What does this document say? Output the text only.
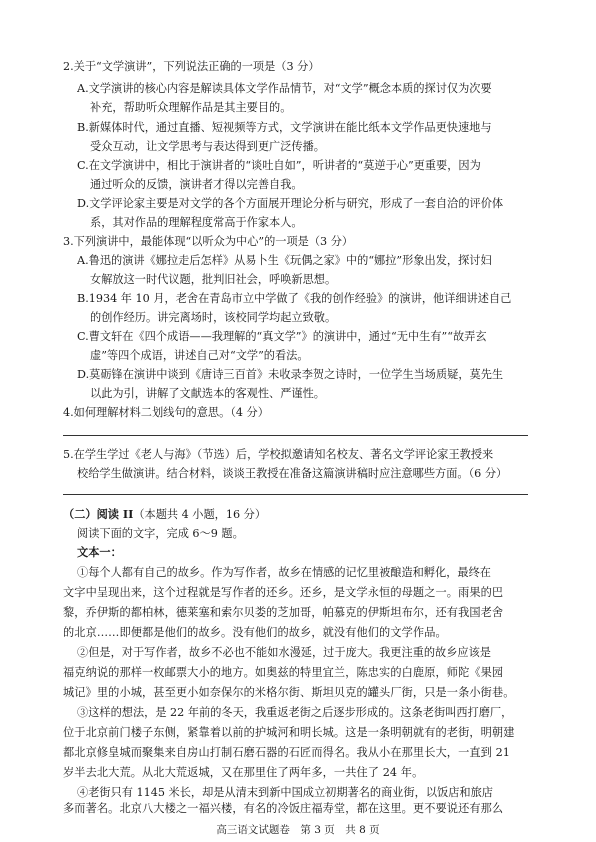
2.关于“文学演讲”，下列说法正确的一项是（3 分）
A.文学演讲的核心内容是解读具体文学作品情节，对“文学”概念本质的探讨仅为次要
补充，帮助听众理解作品是其主要目的。
B.新媒体时代，通过直播、短视频等方式，文学演讲在能比纸本文学作品更快速地与
受众互动，让文学思考与表达得到更广泛传播。
C.在文学演讲中，相比于演讲者的“谈吐自如”，听讲者的“莫逆于心”更重要，因为
通过听众的反馈，演讲者才得以完善自我。
D.文学评论家主要是对文学的各个方面展开理论分析与研究，形成了一套自洽的评价体
系，其对作品的理解程度常高于作家本人。
3.下列演讲中，最能体现“以听众为中心”的一项是（3 分）
A.鲁迅的演讲《娜拉走后怎样》从易卜生《玩偶之家》中的“娜拉”形象出发，探讨妇
女解放这一时代议题，批判旧社会，呼唤新思想。
B.1934 年 10 月，老舍在青岛市立中学做了《我的创作经验》的演讲，他详细讲述自己
的创作经历。讲完离场时，该校同学均起立致敬。
C.曹文轩在《四个成语——我理解的“真文学”》的演讲中，通过“无中生有”“故弄玄
虚”等四个成语，讲述自己对“文学”的看法。
D.莫砺锋在演讲中谈到《唐诗三百首》未收录李贺之诗时，一位学生当场质疑，莫先生
以此为引，讲解了文献选本的客观性、严谨性。
4.如何理解材料二划线句的意思。（4 分）
5.在学生学过《老人与海》（节选）后，学校拟邀请知名校友、著名文学评论家王教授来
校给学生做演讲。结合材料，谈谈王教授在准备这篇演讲稿时应注意哪些方面。（6 分）
（二）阅读 II（本题共 4 小题，16 分）
阅读下面的文字，完成 6～9 题。
文本一：
①每个人都有自己的故乡。作为写作者，故乡在情感的记忆里被酿造和孵化，最终在
文字中呈现出来，这个过程就是写作者的还乡。还乡，是文学永恒的母题之一。雨果的巴
黎，乔伊斯的都柏林，德莱塞和索尔贝娄的芝加哥，帕慕克的伊斯坦布尔，还有我国老舍
的北京……即便都是他们的故乡。没有他们的故乡，就没有他们的文学作品。
②但是，对于写作者，故乡不必也不能如水漫延，过于庞大。我更注重的故乡应该是
福克纳说的那样一枚邮票大小的地方。如奥兹的特里宜兰，陈忠实的白鹿原，师陀《果园
城记》里的小城，甚至更小如奈保尔的米格尔街、斯坦贝克的罐头厂街，只是一条小街巷。
③这样的想法，是 22 年前的冬天，我重返老街之后逐步形成的。这条老街叫西打磨厂，
位于北京前门楼子东侧，紧靠着以前的护城河和明长城。这是一条明朝就有的老街，明朝建
都北京修皇城而聚集来自房山打制石磨石器的石匠而得名。我从小在那里长大，一直到 21
岁半去北大荒。从北大荒返城，又在那里住了两年多，一共住了 24 年。
④老街只有 1145 米长，却是从清末到新中国成立初期著名的商业街，以饭店和旅店
高三语文试题卷　第 3 页　共 8 页
多而著名。北京八大楼之一福兴楼，有名的冷饭庄福寿堂，都在这里。更不要说还有那么
